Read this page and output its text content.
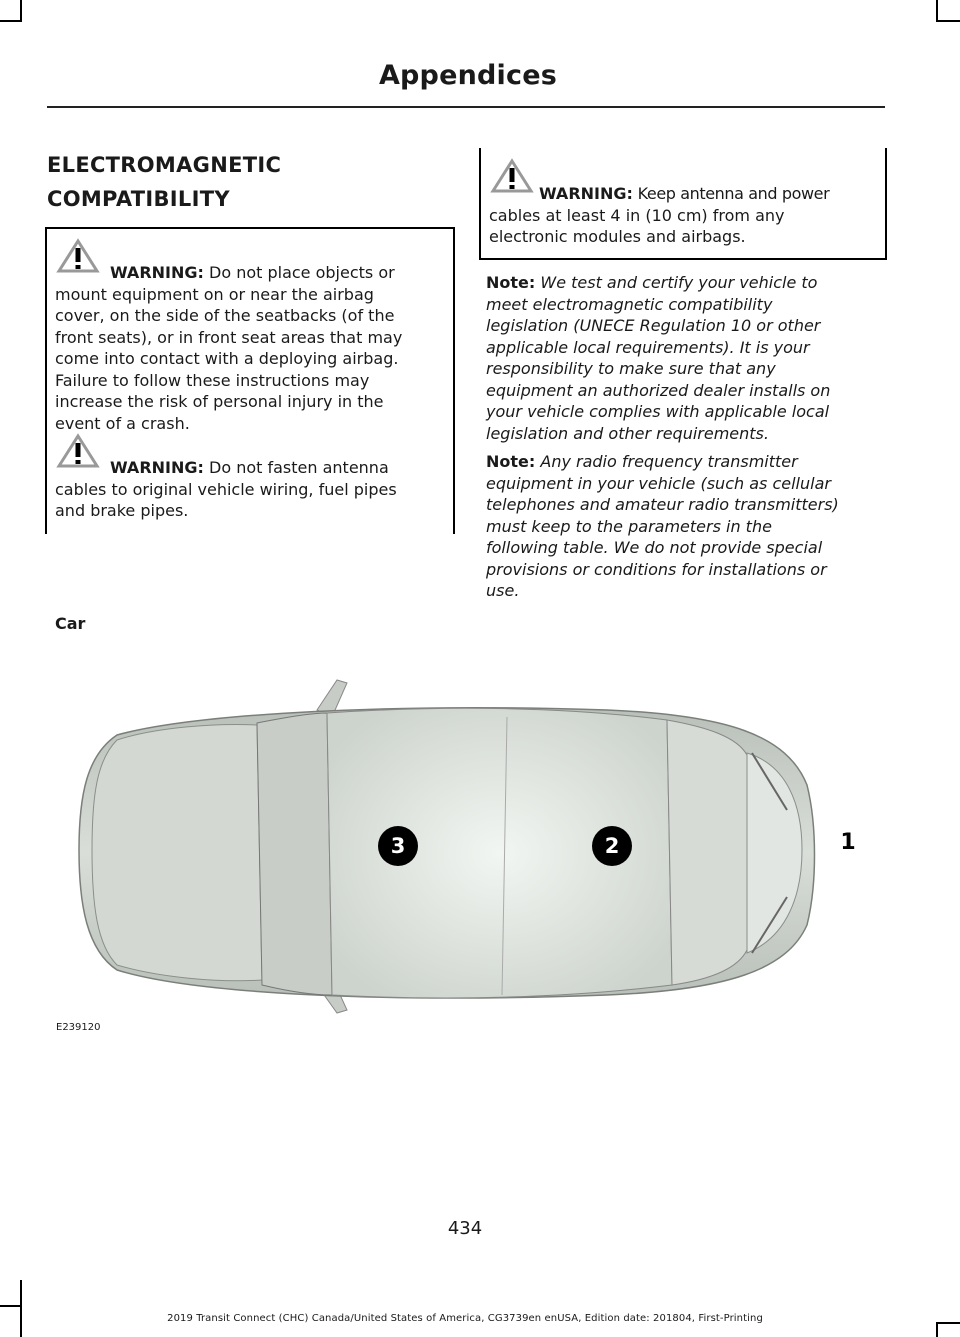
Appendices
ELECTROMAGNETIC
COMPATIBILITY
WARNING: Do not place objects or
mount equipment on or near the airbag
cover, on the side of the seatbacks (of the
front seats), or in front seat areas that may
come into contact with a deploying airbag.
Failure to follow these instructions may
increase the risk of personal injury in the
event of a crash.
WARNING: Do not fasten antenna
cables to original vehicle wiring, fuel pipes
and brake pipes.
WARNING: Keep antenna and power
cables at least 4 in (10 cm) from any
electronic modules and airbags.
Note: We test and certify your vehicle to
meet electromagnetic compatibility
legislation (UNECE Regulation 10 or other
applicable local requirements). It is your
responsibility to make sure that any
equipment an authorized dealer installs on
your vehicle complies with applicable local
legislation and other requirements.
Note: Any radio frequency transmitter
equipment in your vehicle (such as cellular
telephones and amateur radio transmitters)
must keep to the parameters in the
following table. We do not provide special
provisions or conditions for installations or
use.
Car
3	2	1
E239120
434
2019 Transit Connect (CHC) Canada/United States of America, CG3739en enUSA, Edition date: 201804, First-Printing
